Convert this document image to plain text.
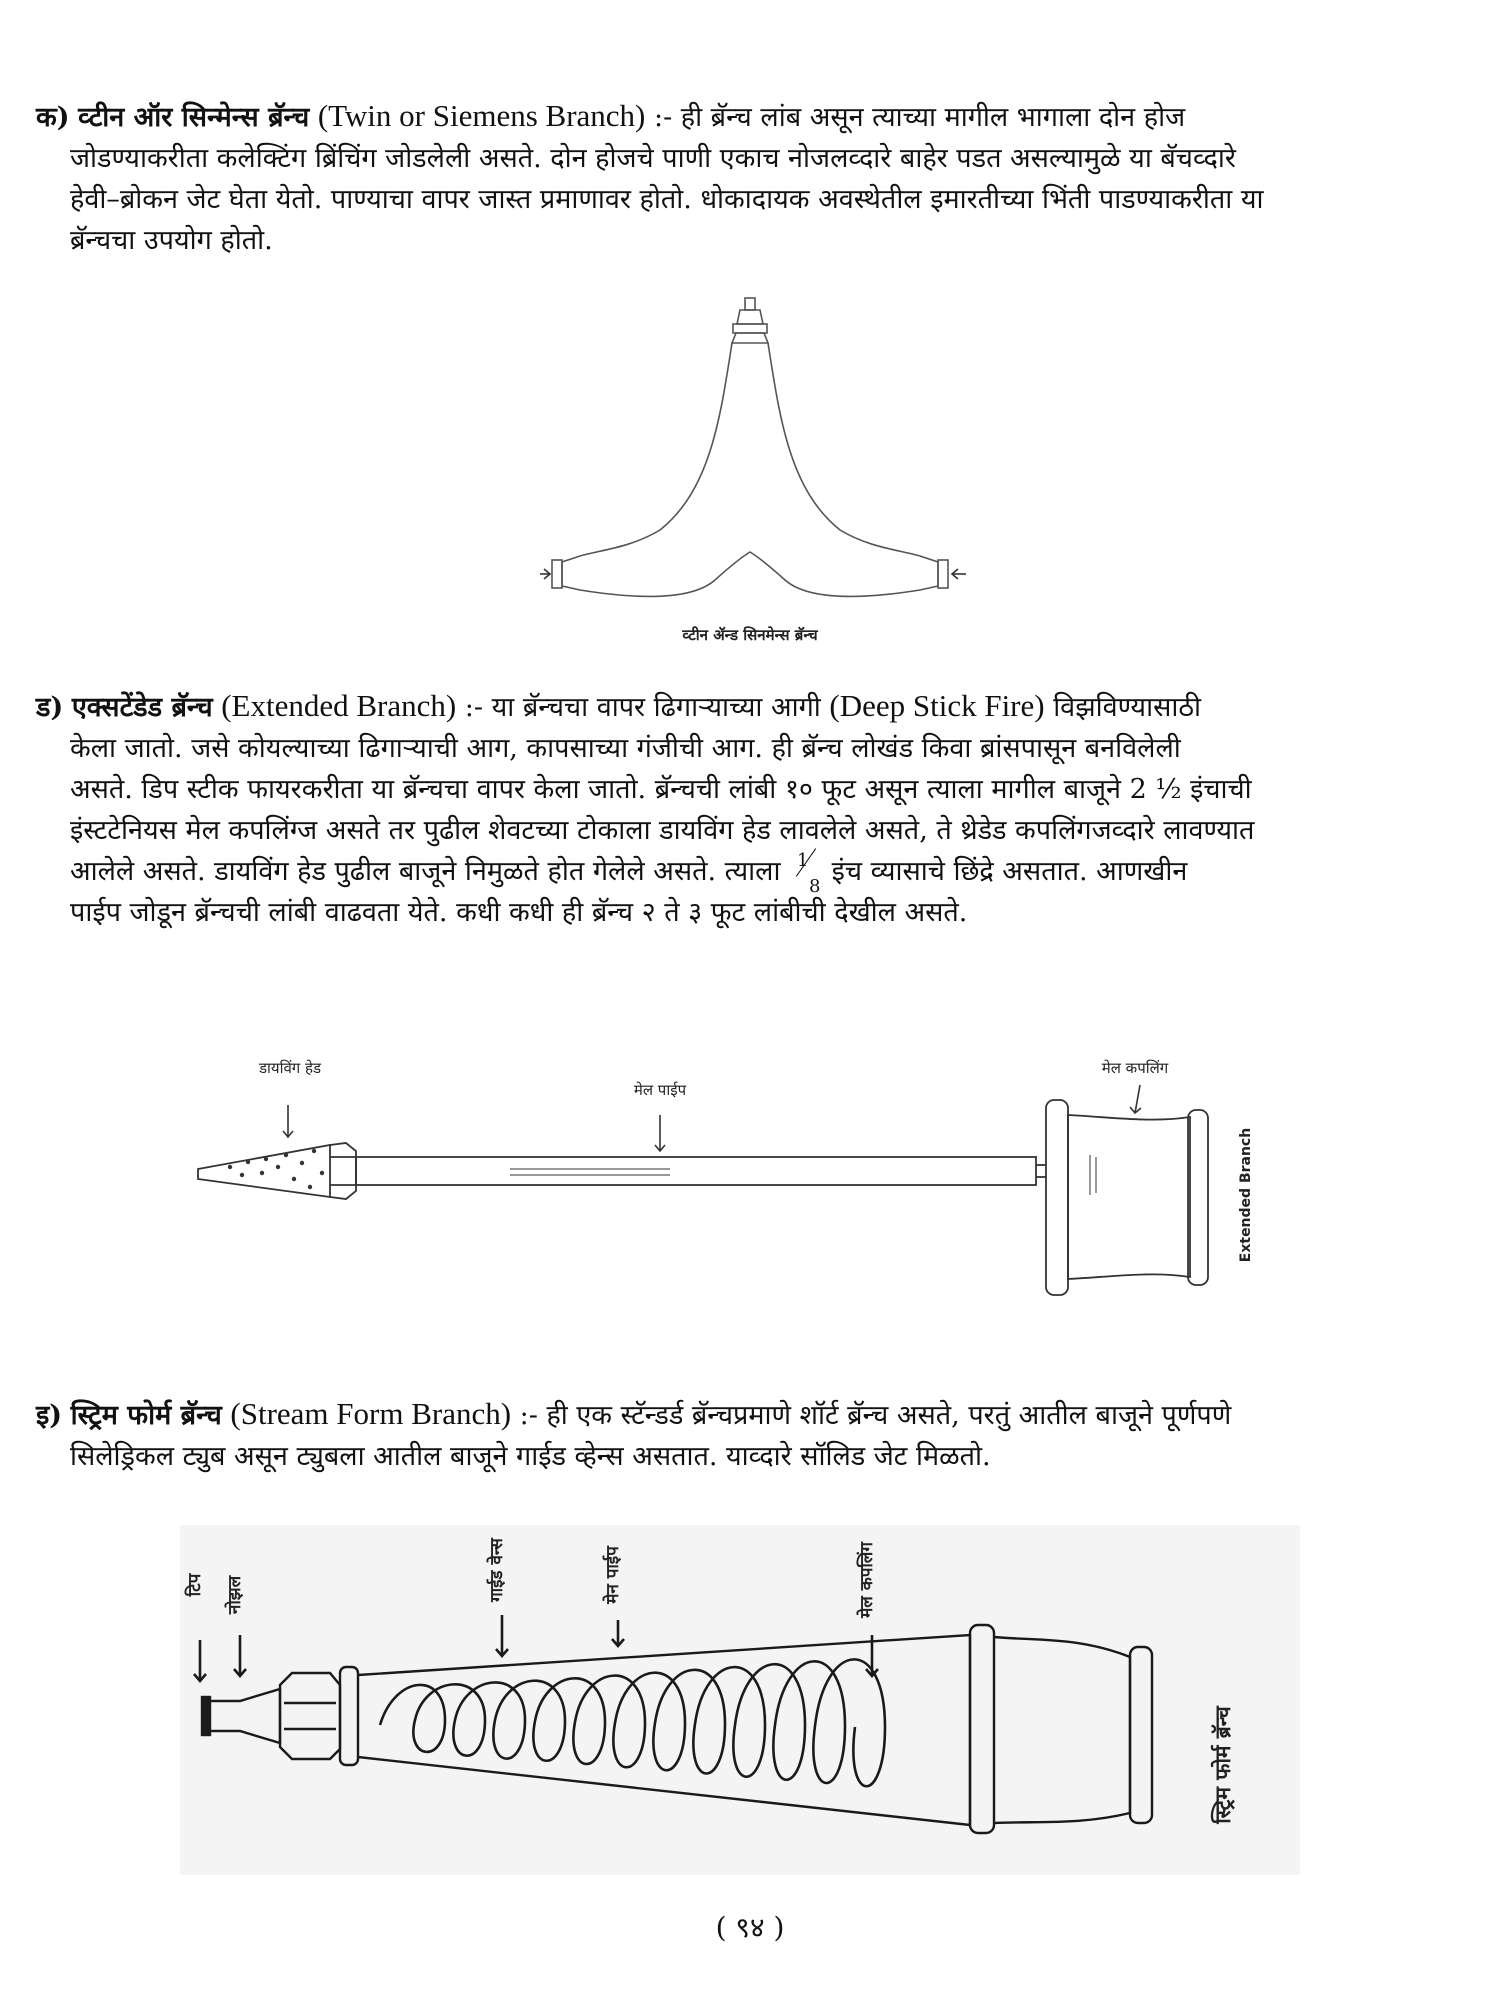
क) व्टीन ऑर सिन्मेन्स ब्रॅन्च (Twin or Siemens Branch) :- ही ब्रॅन्च लांब असून त्याच्या मागील भागाला दोन होज
जोडण्याकरीता कलेक्टिंग ब्रिंचिंग जोडलेली असते. दोन होजचे पाणी एकाच नोजलव्दारे बाहेर पडत असल्यामुळे या बॅचव्दारे
हेवी–ब्रोकन जेट घेता येतो. पाण्याचा वापर जास्त प्रमाणावर होतो. धोकादायक अवस्थेतील इमारतीच्या भिंती पाडण्याकरीता या
ब्रॅन्चचा उपयोग होतो.
व्टीन ॲन्ड सिनमेन्स ब्रॅन्च
ड) एक्सटेंडेड ब्रॅन्च (Extended Branch) :- या ब्रॅन्चचा वापर ढिगाऱ्याच्या आगी (Deep Stick Fire) विझविण्यासाठी
केला जातो. जसे कोयल्याच्या ढिगाऱ्याची आग, कापसाच्या गंजीची आग. ही ब्रॅन्च लोखंड किवा ब्रांसपासून बनविलेली
असते. डिप स्टीक फायरकरीता या ब्रॅन्चचा वापर केला जातो. ब्रॅन्चची लांबी १० फूट असून त्याला मागील बाजूने 2 ½ इंचाची
इंस्टटेनियस मेल कपलिंग्ज असते तर पुढील शेवटच्या टोकाला डायविंग हेड लावलेले असते, ते थ्रेडेड कपलिंगजव्दारे लावण्यात
आलेले असते. डायविंग हेड पुढील बाजूने निमुळते होत गेलेले असते. त्याला 1
8 इंच व्यासाचे छिंद्रे असतात. आणखीन
पाईप जोडून ब्रॅन्चची लांबी वाढवता येते. कधी कधी ही ब्रॅन्च २ ते ३ फूट लांबीची देखील असते.
डायविंग हेड
मेल पाईप
मेल कपलिंग
Extended Branch
इ) स्ट्रिम फोर्म ब्रॅन्च (Stream Form Branch) :- ही एक स्टॅन्डर्ड ब्रॅन्चप्रमाणे शॉर्ट ब्रॅन्च असते, परतुं आतील बाजूने पूर्णपणे
सिलेड्रिकल ट्युब असून ट्युबला आतील बाजूने गाईड व्हेन्स असतात. याव्दारे सॉलिड जेट मिळतो.
टिप नोझल	गाईड वेन्स	मेन पाईप	मेल कपलिंग
स्ट्रिम फोर्म ब्रॅन्च
( ९४ )
